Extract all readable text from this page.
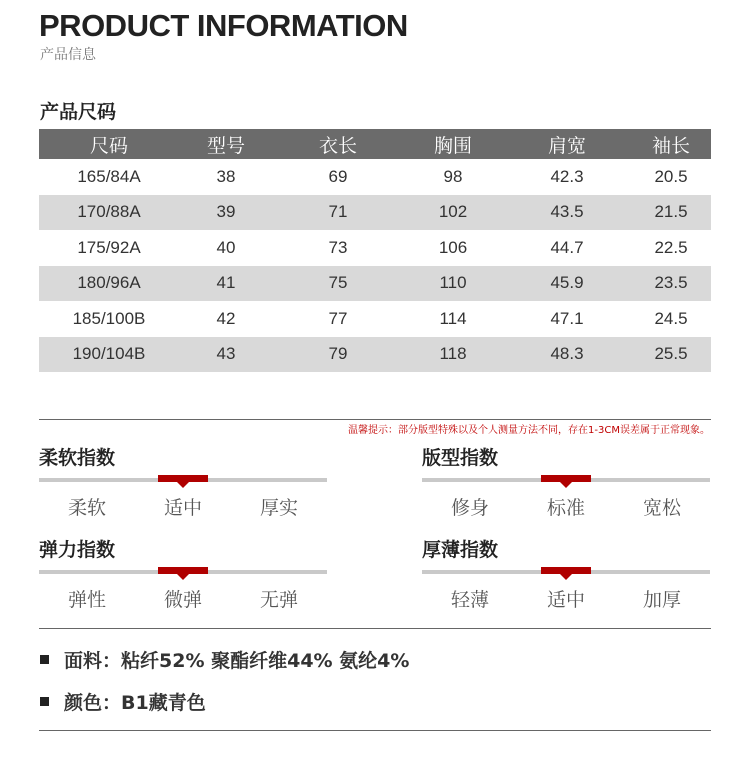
PRODUCT INFORMATION
产品信息
产品尺码
尺码	型号	衣长	胸围	肩宽	袖长
165/84A	38	69	98	42.3	20.5
170/88A	39	71	102	43.5	21.5
175/92A	40	73	106	44.7	22.5
180/96A	41	75	110	45.9	23.5
185/100B	42	77	114	47.1	24.5
190/104B	43	79	118	48.3	25.5
温馨提示：部分版型特殊以及个人测量方法不同，存在1-3CM误差属于正常现象。
柔软指数
柔软	适中	厚实
版型指数
修身	标准	宽松
弹力指数
弹性	微弹	无弹
厚薄指数
轻薄	适中	加厚
面料：粘纤52% 聚酯纤维44% 氨纶4%
颜色：B1藏青色
